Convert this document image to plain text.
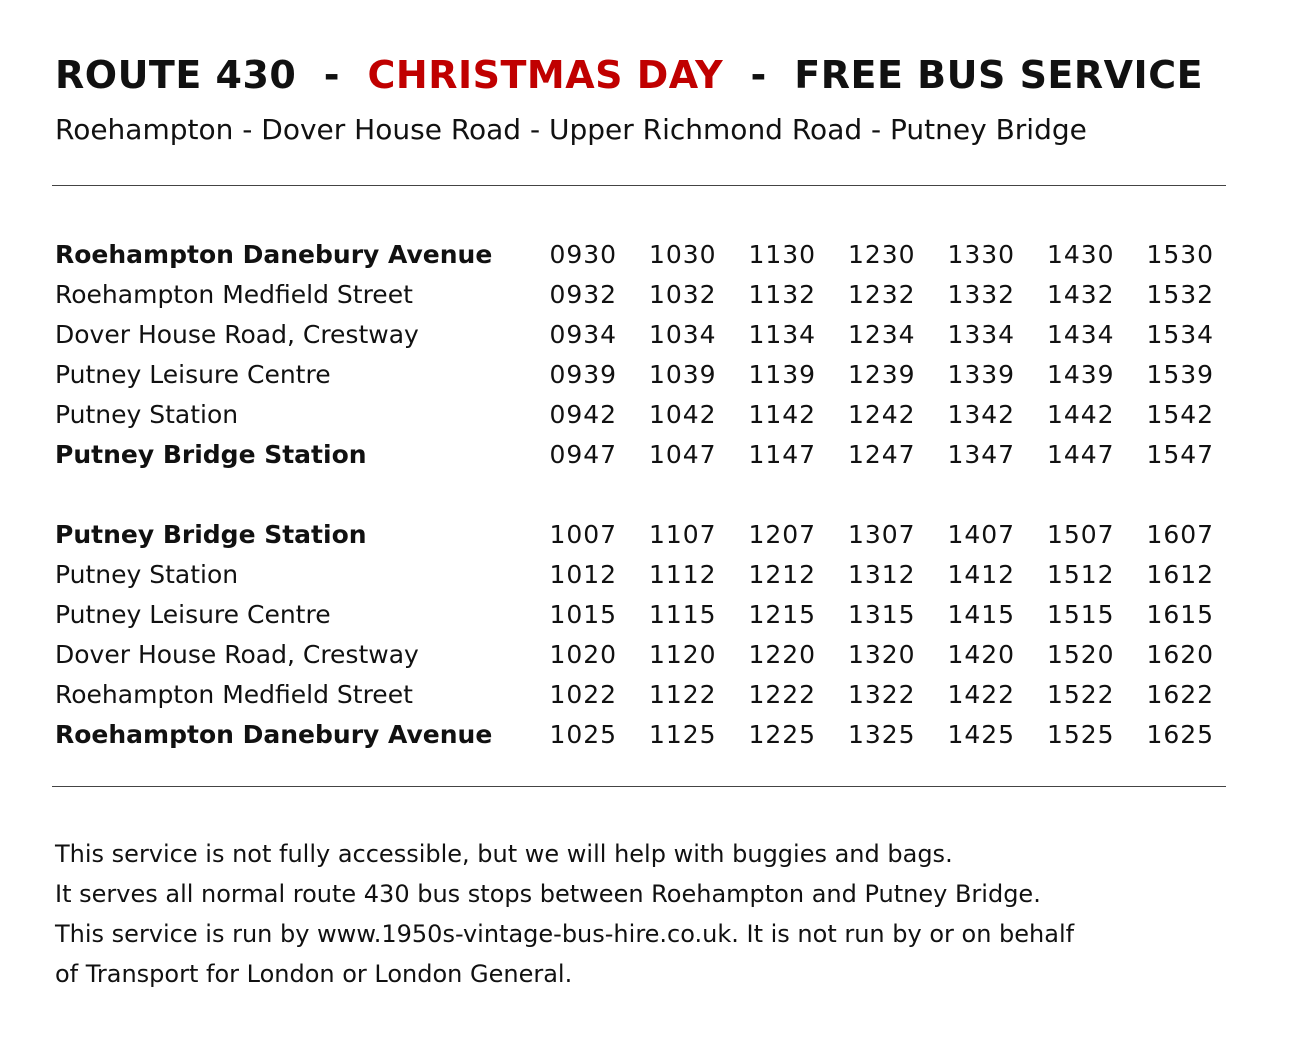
ROUTE 430  -  CHRISTMAS DAY  -  FREE BUS SERVICE
Roehampton - Dover House Road - Upper Richmond Road - Putney Bridge
Roehampton Danebury Avenue	0930	1030	1130	1230	1330	1430	1530
Roehampton Medfield Street	0932	1032	1132	1232	1332	1432	1532
Dover House Road, Crestway	0934	1034	1134	1234	1334	1434	1534
Putney Leisure Centre	0939	1039	1139	1239	1339	1439	1539
Putney Station	0942	1042	1142	1242	1342	1442	1542
Putney Bridge Station	0947	1047	1147	1247	1347	1447	1547
Putney Bridge Station	1007	1107	1207	1307	1407	1507	1607
Putney Station	1012	1112	1212	1312	1412	1512	1612
Putney Leisure Centre	1015	1115	1215	1315	1415	1515	1615
Dover House Road, Crestway	1020	1120	1220	1320	1420	1520	1620
Roehampton Medfield Street	1022	1122	1222	1322	1422	1522	1622
Roehampton Danebury Avenue	1025	1125	1225	1325	1425	1525	1625
This service is not fully accessible, but we will help with buggies and bags.
It serves all normal route 430 bus stops between Roehampton and Putney Bridge.
This service is run by www.1950s-vintage-bus-hire.co.uk. It is not run by or on behalf
of Transport for London or London General.
